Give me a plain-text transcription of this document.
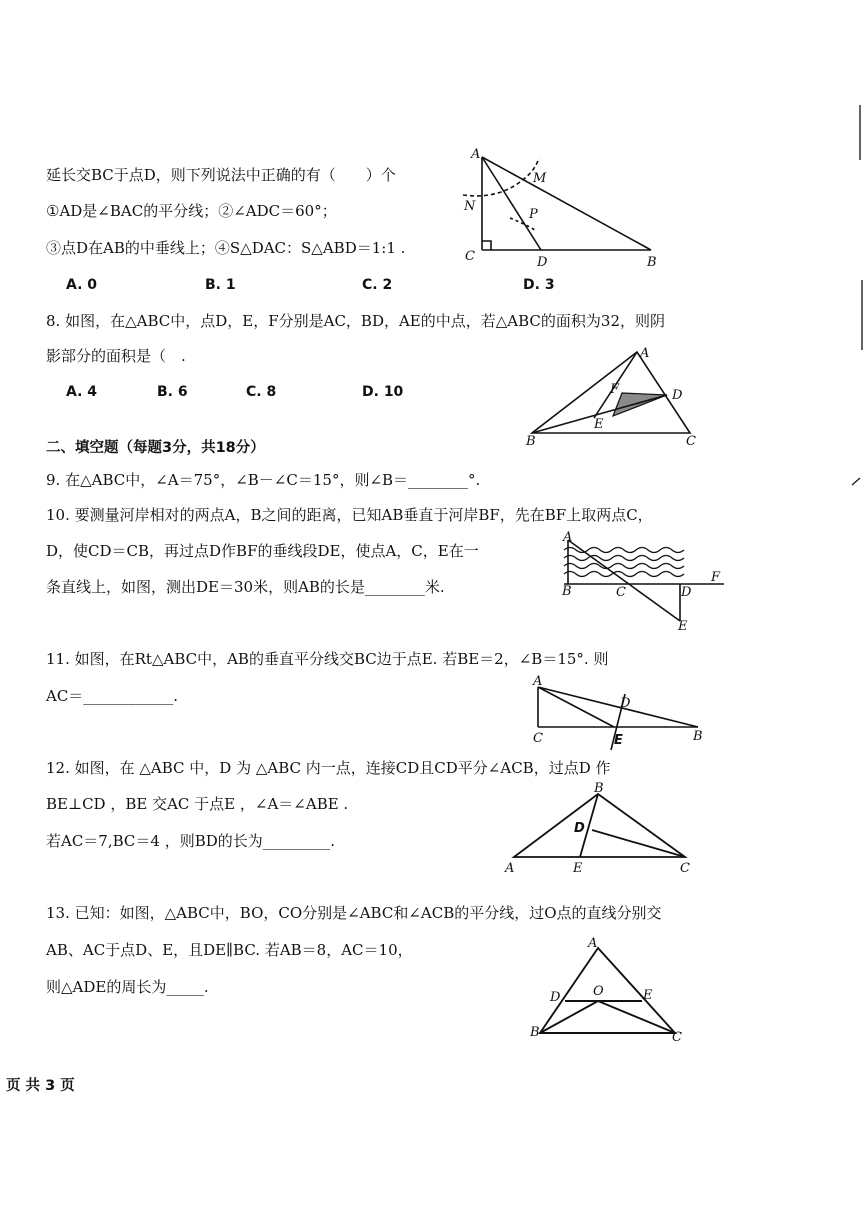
延长交BC于点D，则下列说法中正确的有（　　）个
①AD是∠BAC的平分线；②∠ADC＝60°；
③点D在AB的中垂线上；④S△DAC：S△ABD＝1:1 .
A. 0	B. 1	C. 2	D. 3
A
M
N
P
C	D	B
8. 如图，在△ABC中，点D，E，F分别是AC，BD，AE的中点，若△ABC的面积为32，则阴
影部分的面积是（　.
A. 4	B. 6	C. 8	D. 10
A
F	D
E
B	C
二、填空题（每题3分，共18分）
9. 在△ABC中，∠A＝75°，∠B－∠C＝15°，则∠B＝________°.
10. 要测量河岸相对的两点A，B之间的距离，已知AB垂直于河岸BF，先在BF上取两点C，
D，使CD＝CB，再过点D作BF的垂线段DE，使点A，C，E在一
条直线上，如图，测出DE＝30米，则AB的长是________米.
A
B	C	D
E
F
11. 如图，在Rt△ABC中，AB的垂直平分线交BC边于点E. 若BE＝2，∠B＝15°. 则
AC＝____________.
A
D
C	E	B
12. 如图，在 △ABC 中，D 为 △ABC 内一点，连接CD且CD平分∠ACB，过点D 作
BE⊥CD ，BE 交AC 于点E ，∠A＝∠ABE .
若AC＝7,BC＝4 ，则BD的长为_________.
B
D
A	E	C
13. 已知：如图，△ABC中，BO，CO分别是∠ABC和∠ACB的平分线，过O点的直线分别交
AB、AC于点D、E，且DE∥BC. 若AB＝8，AC＝10，
则△ADE的周长为_____.
A
D	O	E
B	C
页 共 3 页
